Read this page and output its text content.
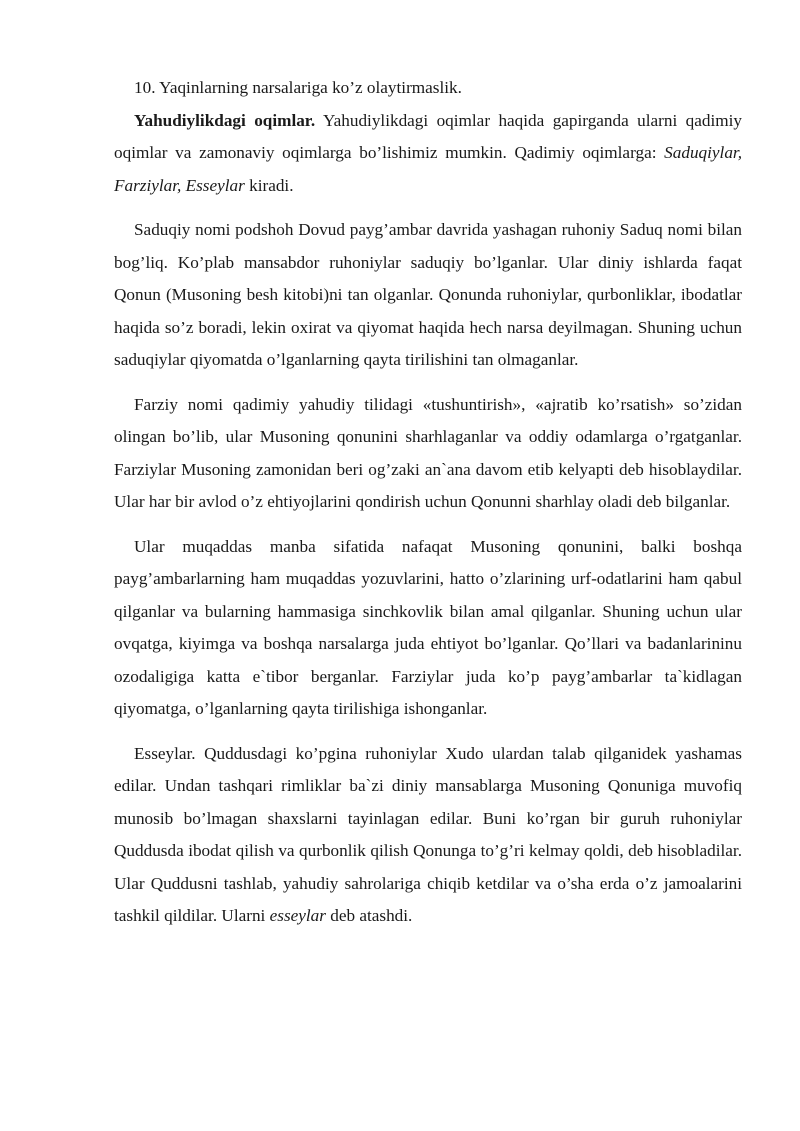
10. Yaqinlarning narsalariga ko’z olaytirmaslik.

Yahudiylikdagi oqimlar. Yahudiylikdagi oqimlar haqida gapirganda ularni qadimiy oqimlar va zamonaviy oqimlarga bo’lishimiz mumkin. Qadimiy oqimlarga: Saduqiylar, Farziylar, Esseylar kiradi.

Saduqiy nomi podshoh Dovud payg’ambar davrida yashagan ruhoniy Saduq nomi bilan bog’liq. Ko’plab mansabdor ruhoniylar saduqiy bo’lganlar. Ular diniy ishlarda faqat Qonun (Musoning besh kitobi)ni tan olganlar. Qonunda ruhoniylar, qurbonliklar, ibodatlar haqida so’z boradi, lekin oxirat va qiyomat haqida hech narsa deyilmagan. Shuning uchun saduqiylar qiyomatda o’lganlarning qayta tirilishini tan olmaganlar.

Farziy nomi qadimiy yahudiy tilidagi «tushuntirish», «ajratib ko’rsatish» so’zidan olingan bo’lib, ular Musoning qonunini sharhlaganlar va oddiy odamlarga o’rgatganlar. Farziylar Musoning zamonidan beri og’zaki an`ana davom etib kelyapti deb hisoblaydilar. Ular har bir avlod o’z ehtiyojlarini qondirish uchun Qonunni sharhlay oladi deb bilganlar.

Ular muqaddas manba sifatida nafaqat Musoning qonunini, balki boshqa payg’ambarlarning ham muqaddas yozuvlarini, hatto o’zlarining urf-odatlarini ham qabul qilganlar va bularning hammasiga sinchkovlik bilan amal qilganlar. Shuning uchun ular ovqatga, kiyimga va boshqa narsalarga juda ehtiyot bo’lganlar. Qo’llari va badanlarininu ozodaligiga katta e`tibor berganlar. Farziylar juda ko’p payg’ambarlar ta`kidlagan qiyomatga, o’lganlarning qayta tirilishiga ishonganlar.

Esseylar. Quddusdagi ko’pgina ruhoniylar Xudo ulardan talab qilganidek yashamas edilar. Undan tashqari rimliklar ba`zi diniy mansablarga Musoning Qonuniga muvofiq munosib bo’lmagan shaxslarni tayinlagan edilar. Buni ko’rgan bir guruh ruhoniylar Quddusda ibodat qilish va qurbonlik qilish Qonunga to’g’ri kelmay qoldi, deb hisobladilar. Ular Quddusni tashlab, yahudiy sahrolariga chiqib ketdilar va o’sha erda o’z jamoalarini tashkil qildilar. Ularni esseylar deb atashdi.
